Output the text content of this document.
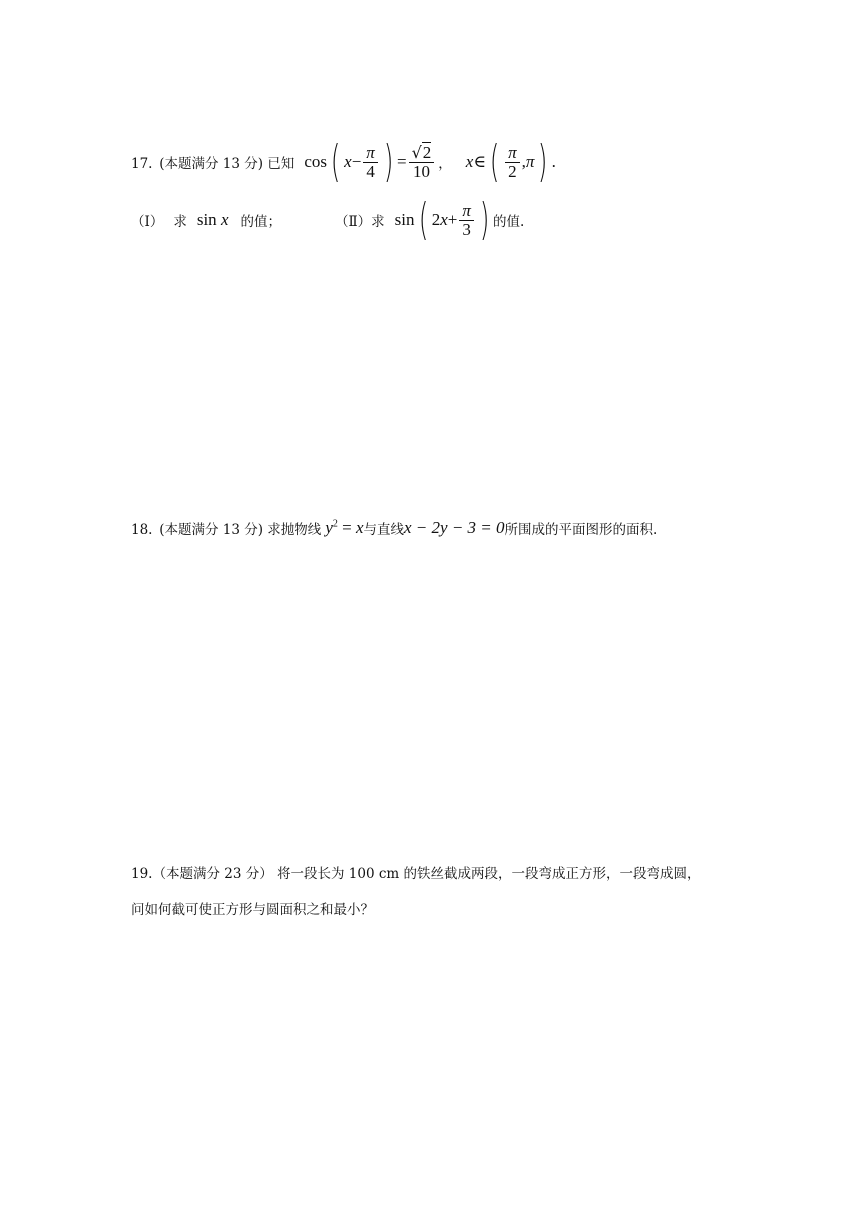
17. (本题满分 13 分) 已知 cos ( $x - \frac{\pi}{4}$ ) = $\frac{√2}{10}$ ， x ∈ ( $\frac{\pi}{2}$ , π ) .
（I） 求 sin x 的值；	（Ⅱ）求 sin ( 2 $x + \frac{\pi}{3}$ ) 的值.
18. (本题满分 13 分) 求抛物线 $y^2 = x$ 与直线 x − 2y − 3 = 0 所围成的平面图形的面积.
19.（本题满分 23 分） 将一段长为 100 cm 的铁丝截成两段，一段弯成正方形，一段弯成圆，
问如何截可使正方形与圆面积之和最小？
